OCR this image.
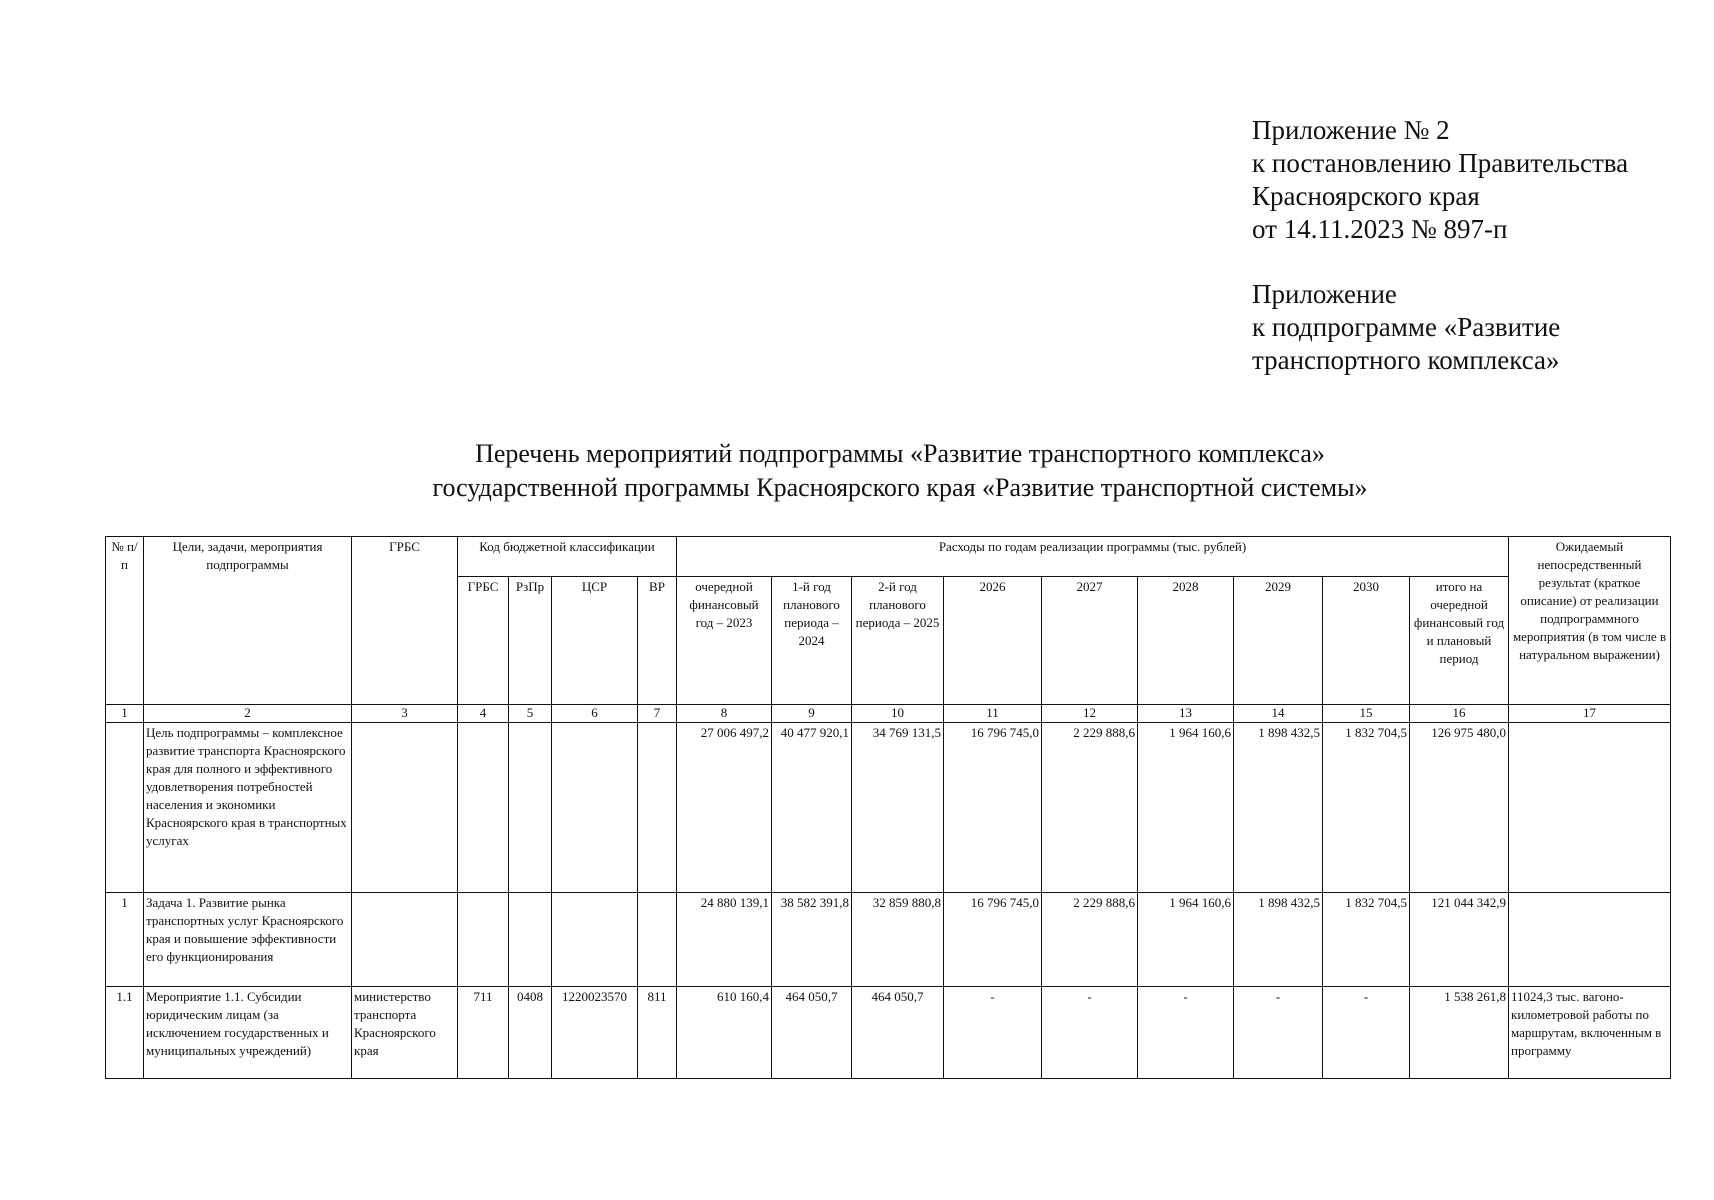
Приложение № 2
к постановлению Правительства
Красноярского края
от 14.11.2023 № 897-п
Приложение
к подпрограмме «Развитие
транспортного комплекса»
Перечень мероприятий подпрограммы «Развитие транспортного комплекса»
государственной программы Красноярского края «Развитие транспортной системы»
№ п/п	Цели, задачи, мероприятия подпрограммы	ГРБС	Код бюджетной классификации				Расходы по годам реализации программы (тыс. рублей)									Ожидаемый непосредственный результат (краткое описание) от реализации подпрограммного мероприятия (в том числе в натуральном выражении)
			ГРБС	РзПр	ЦСР	ВР	очередной финансовый год – 2023	1-й год планового периода – 2024	2-й год планового периода – 2025	2026	2027	2028	2029	2030	итого на очередной финансовый год и плановый период	
1	2	3	4	5	6	7	8	9	10	11	12	13	14	15	16	17
	Цель подпрограммы – комплексное развитие транспорта Красноярского края для полного и эффективного удовлетворения потребностей населения и экономики Красноярского края в транспортных услугах						27 006 497,2	40 477 920,1	34 769 131,5	16 796 745,0	2 229 888,6	1 964 160,6	1 898 432,5	1 832 704,5	126 975 480,0	
1	Задача 1. Развитие рынка транспортных услуг Красноярского края и повышение эффективности его функционирования						24 880 139,1	38 582 391,8	32 859 880,8	16 796 745,0	2 229 888,6	1 964 160,6	1 898 432,5	1 832 704,5	121 044 342,9	
1.1	Мероприятие 1.1. Субсидии юридическим лицам (за исключением государственных и муниципальных учреждений)	министерство транспорта Красноярского края	711	0408	1220023570	811	610 160,4	464 050,7	464 050,7	-	-	-	-	-	1 538 261,8	11024,3 тыс. вагоно-километровой работы по маршрутам, включенным в программу
